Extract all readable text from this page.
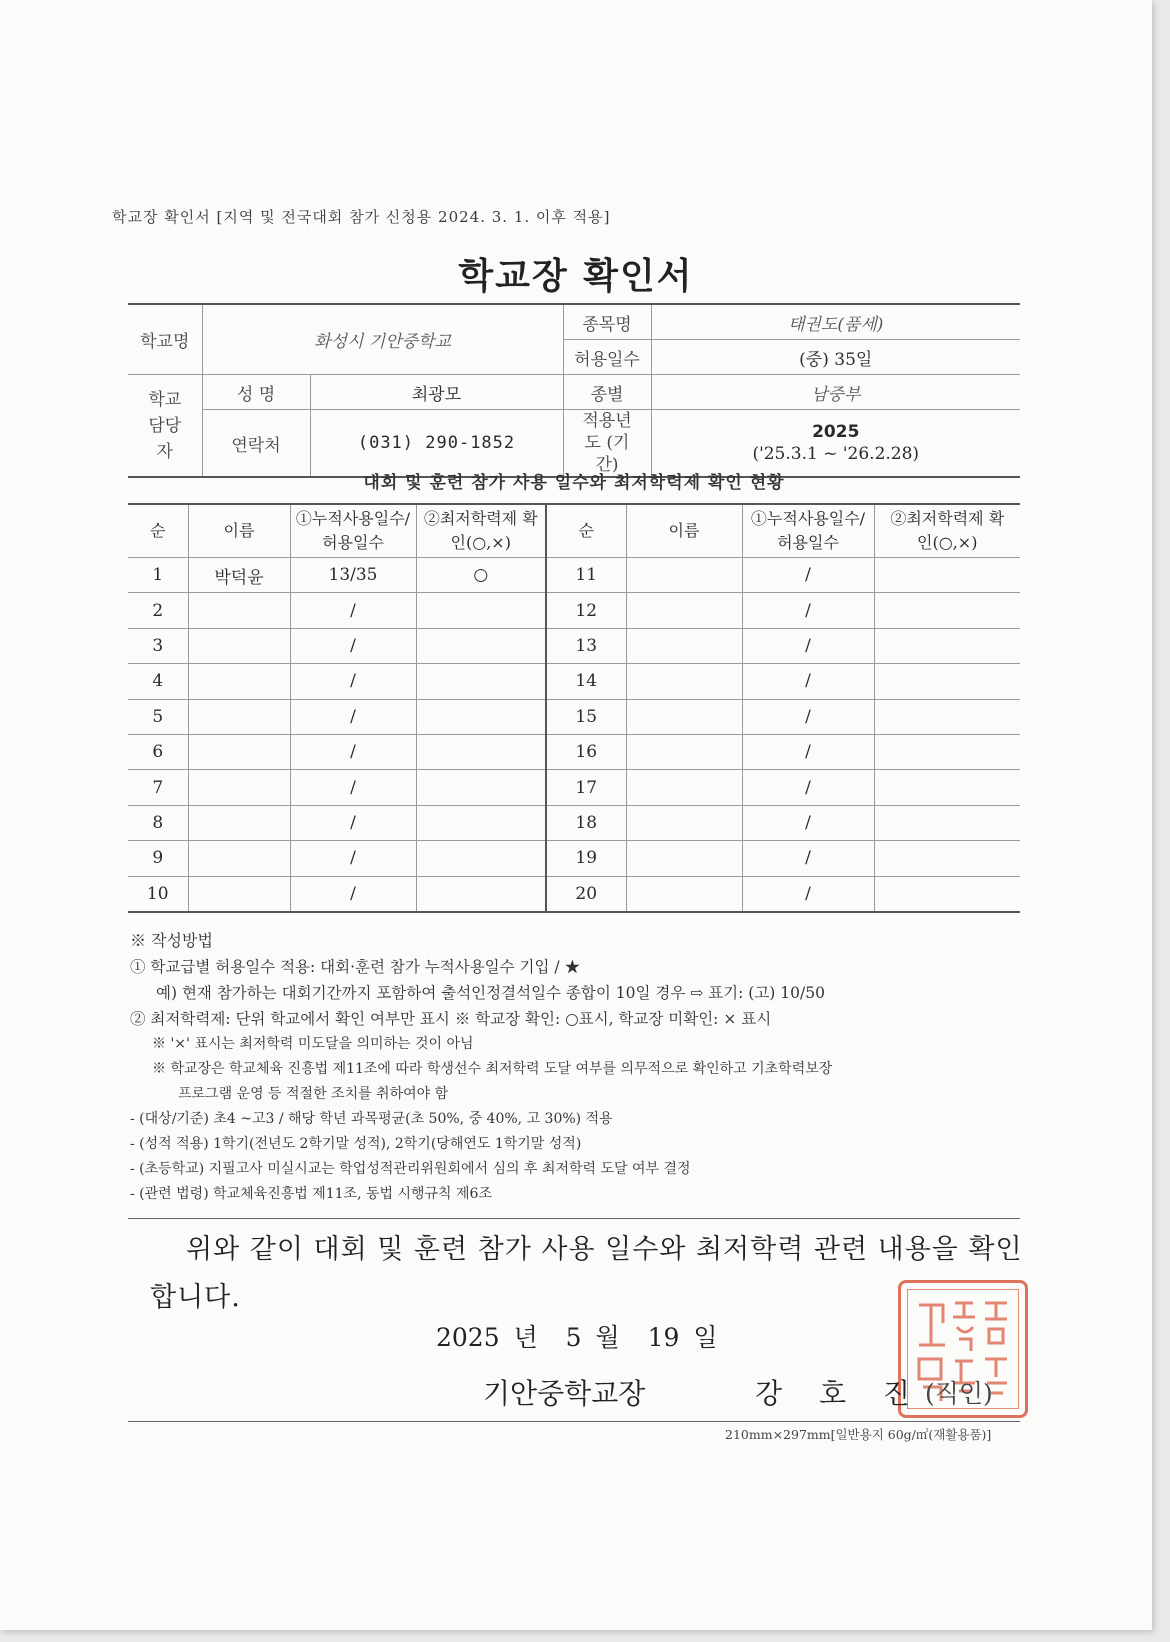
학교장 확인서 [지역 및 전국대회 참가 신청용 2024. 3. 1. 이후 적용]
학교장 확인서
학교명	화성시 기안중학교		종목명	태권도(품세)
			허용일수	(중) 35일
학교 담당자	성 명	최광모	종별	남중부
	연락처	(031) 290-1852	적용년도 (기간)	2025
('25.3.1 ~ '26.2.28)
대회 및 훈련 참가 사용 일수와 최저학력제 확인 현황
순	이름	①누적사용일수/ 허용일수	②최저학력제 확인(○,×)	순	이름	①누적사용일수/ 허용일수	②최저학력제 확인(○,×)
1	박덕윤	13/35	○	11		/	
2		/		12		/	
3		/		13		/	
4		/		14		/	
5		/		15		/	
6		/		16		/	
7		/		17		/	
8		/		18		/	
9		/		19		/	
10		/		20		/	
※ 작성방법
① 학교급별 허용일수 적용: 대회·훈련 참가 누적사용일수 기입 / ★
예) 현재 참가하는 대회기간까지 포함하여 출석인정결석일수 종합이 10일 경우 ⇨ 표기: (고) 10/50
② 최저학력제: 단위 학교에서 확인 여부만 표시 ※ 학교장 확인: ○표시, 학교장 미확인: × 표시
※ '×' 표시는 최저학력 미도달을 의미하는 것이 아님
※ 학교장은 학교체육 진흥법 제11조에 따라 학생선수 최저학력 도달 여부를 의무적으로 확인하고 기초학력보장
프로그램 운영 등 적절한 조치를 취하여야 함
- (대상/기준) 초4 ~고3 / 해당 학년 과목평균(초 50%, 중 40%, 고 30%) 적용
- (성적 적용) 1학기(전년도 2학기말 성적), 2학기(당해연도 1학기말 성적)
- (초등학교) 지필고사 미실시교는 학업성적관리위원회에서 심의 후 최저학력 도달 여부 결정
- (관련 법령) 학교체육진흥법 제11조, 동법 시행규칙 제6조
위와 같이 대회 및 훈련 참가 사용 일수와 최저학력 관련 내용을 확인
합니다.
2025 년 5 월 19 일
기안중학교장	강 호 진 (직인)
210mm×297mm[일반용지 60g/㎡(재활용품)]
